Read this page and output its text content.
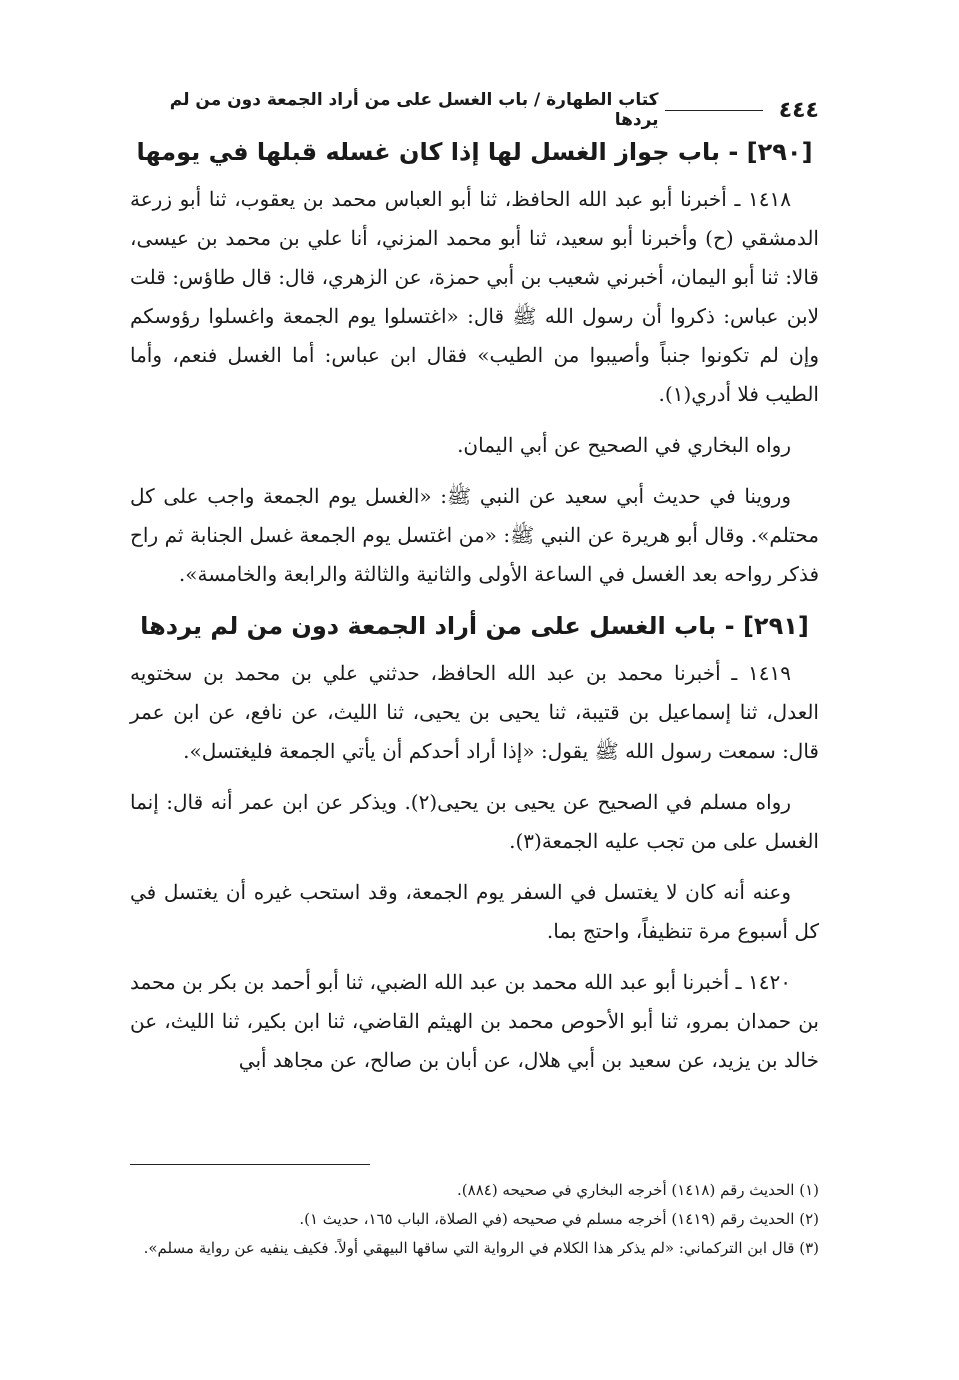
٤٤٤
كتاب الطهارة / باب الغسل على من أراد الجمعة دون من لم يردها
[٢٩٠] - باب جواز الغسل لها إذا كان غسله قبلها في يومها

١٤١٨ ـ أخبرنا أبو عبد الله الحافظ، ثنا أبو العباس محمد بن يعقوب، ثنا أبو زرعة الدمشقي (ح) وأخبرنا أبو سعيد، ثنا أبو محمد المزني، أنا علي بن محمد بن عيسى، قالا: ثنا أبو اليمان، أخبرني شعيب بن أبي حمزة، عن الزهري، قال: قال طاؤس: قلت لابن عباس: ذكروا أن رسول الله ﷺ قال: «اغتسلوا يوم الجمعة واغسلوا رؤوسكم وإن لم تكونوا جنباً وأصيبوا من الطيب» فقال ابن عباس: أما الغسل فنعم، وأما الطيب فلا أدري(١).

رواه البخاري في الصحيح عن أبي اليمان.

وروينا في حديث أبي سعيد عن النبي ﷺ: «الغسل يوم الجمعة واجب على كل محتلم». وقال أبو هريرة عن النبي ﷺ: «من اغتسل يوم الجمعة غسل الجنابة ثم راح فذكر رواحه بعد الغسل في الساعة الأولى والثانية والثالثة والرابعة والخامسة».

[٢٩١] - باب الغسل على من أراد الجمعة دون من لم يردها

١٤١٩ ـ أخبرنا محمد بن عبد الله الحافظ، حدثني علي بن محمد بن سختويه العدل، ثنا إسماعيل بن قتيبة، ثنا يحيى بن يحيى، ثنا الليث، عن نافع، عن ابن عمر قال: سمعت رسول الله ﷺ يقول: «إذا أراد أحدكم أن يأتي الجمعة فليغتسل».

رواه مسلم في الصحيح عن يحيى بن يحيى(٢). ويذكر عن ابن عمر أنه قال: إنما الغسل على من تجب عليه الجمعة(٣).

وعنه أنه كان لا يغتسل في السفر يوم الجمعة، وقد استحب غيره أن يغتسل في كل أسبوع مرة تنظيفاً، واحتج بما.

١٤٢٠ ـ أخبرنا أبو عبد الله محمد بن عبد الله الضبي، ثنا أبو أحمد بن بكر بن محمد بن حمدان بمرو، ثنا أبو الأحوص محمد بن الهيثم القاضي، ثنا ابن بكير، ثنا الليث، عن خالد بن يزيد، عن سعيد بن أبي هلال، عن أبان بن صالح، عن مجاهد أبي

(١) الحديث رقم (١٤١٨) أخرجه البخاري في صحيحه (٨٨٤).
(٢) الحديث رقم (١٤١٩) أخرجه مسلم في صحيحه (في الصلاة، الباب ١٦٥، حديث ١).
(٣) قال ابن التركماني: «لم يذكر هذا الكلام في الرواية التي ساقها البيهقي أولاً. فكيف ينفيه عن رواية مسلم».
